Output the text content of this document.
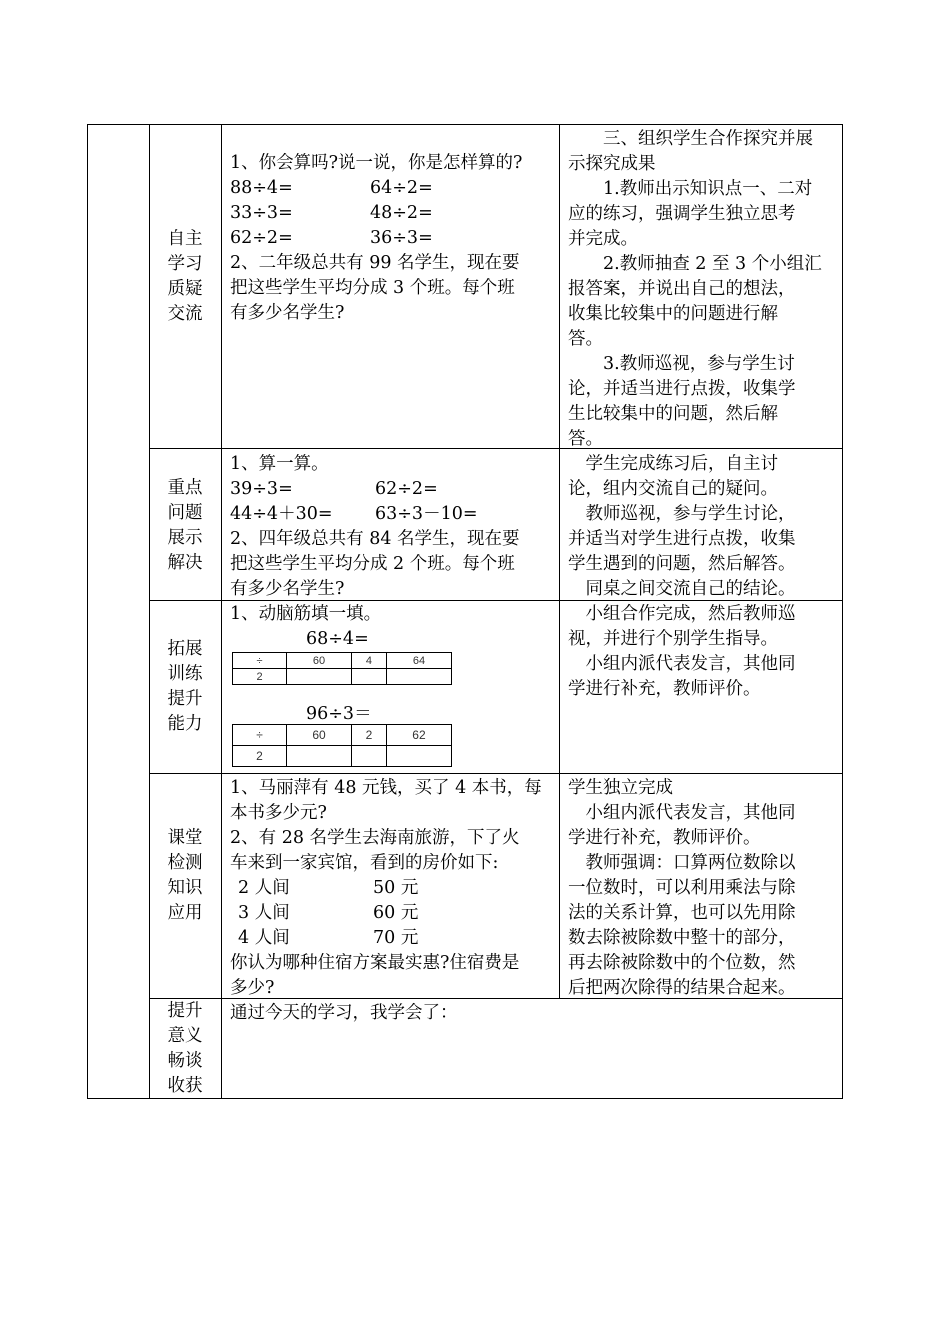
自主
学习
质疑
交流
1、你会算吗?说一说，你是怎样算的?
88÷4=	64÷2=
33÷3=	48÷2=
62÷2=	36÷3=
2、二年级总共有 99 名学生，现在要
把这些学生平均分成 3 个班。每个班
有多少名学生?
三、组织学生合作探究并展
示探究成果
1.教师出示知识点一、二对
应的练习，强调学生独立思考
并完成。
2.教师抽查 2 至 3 个小组汇
报答案，并说出自己的想法，
收集比较集中的问题进行解
答。
3.教师巡视，参与学生讨
论，并适当进行点拨，收集学
生比较集中的问题，然后解
答。
重点
问题
展示
解决
1、算一算。
39÷3=	62÷2=
44÷4＋30= 63÷3－10=
2、四年级总共有 84 名学生，现在要
把这些学生平均分成 2 个班。每个班
有多少名学生?
学生完成练习后，自主讨
论，组内交流自己的疑问。
教师巡视，参与学生讨论，
并适当对学生进行点拨，收集
学生遇到的问题，然后解答。
同桌之间交流自己的结论。
拓展
训练
提升
能力
1、动脑筋填一填。
68÷4=
÷	60	4	64
2			
96÷3＝
÷	60	2	62
2			
小组合作完成，然后教师巡
视，并进行个别学生指导。
小组内派代表发言，其他同
学进行补充，教师评价。
课堂
检测
知识
应用
1、马丽萍有 48 元钱，买了 4 本书，每
本书多少元?
2、有 28 名学生去海南旅游，下了火
车来到一家宾馆，看到的房价如下:
2 人间	50 元
3 人间	60 元
4 人间	70 元
你认为哪种住宿方案最实惠?住宿费是
多少?
学生独立完成
小组内派代表发言，其他同
学进行补充，教师评价。
教师强调：口算两位数除以
一位数时，可以利用乘法与除
法的关系计算，也可以先用除
数去除被除数中整十的部分，
再去除被除数中的个位数，然
后把两次除得的结果合起来。
提升
意义
畅谈
收获
通过今天的学习，我学会了：
